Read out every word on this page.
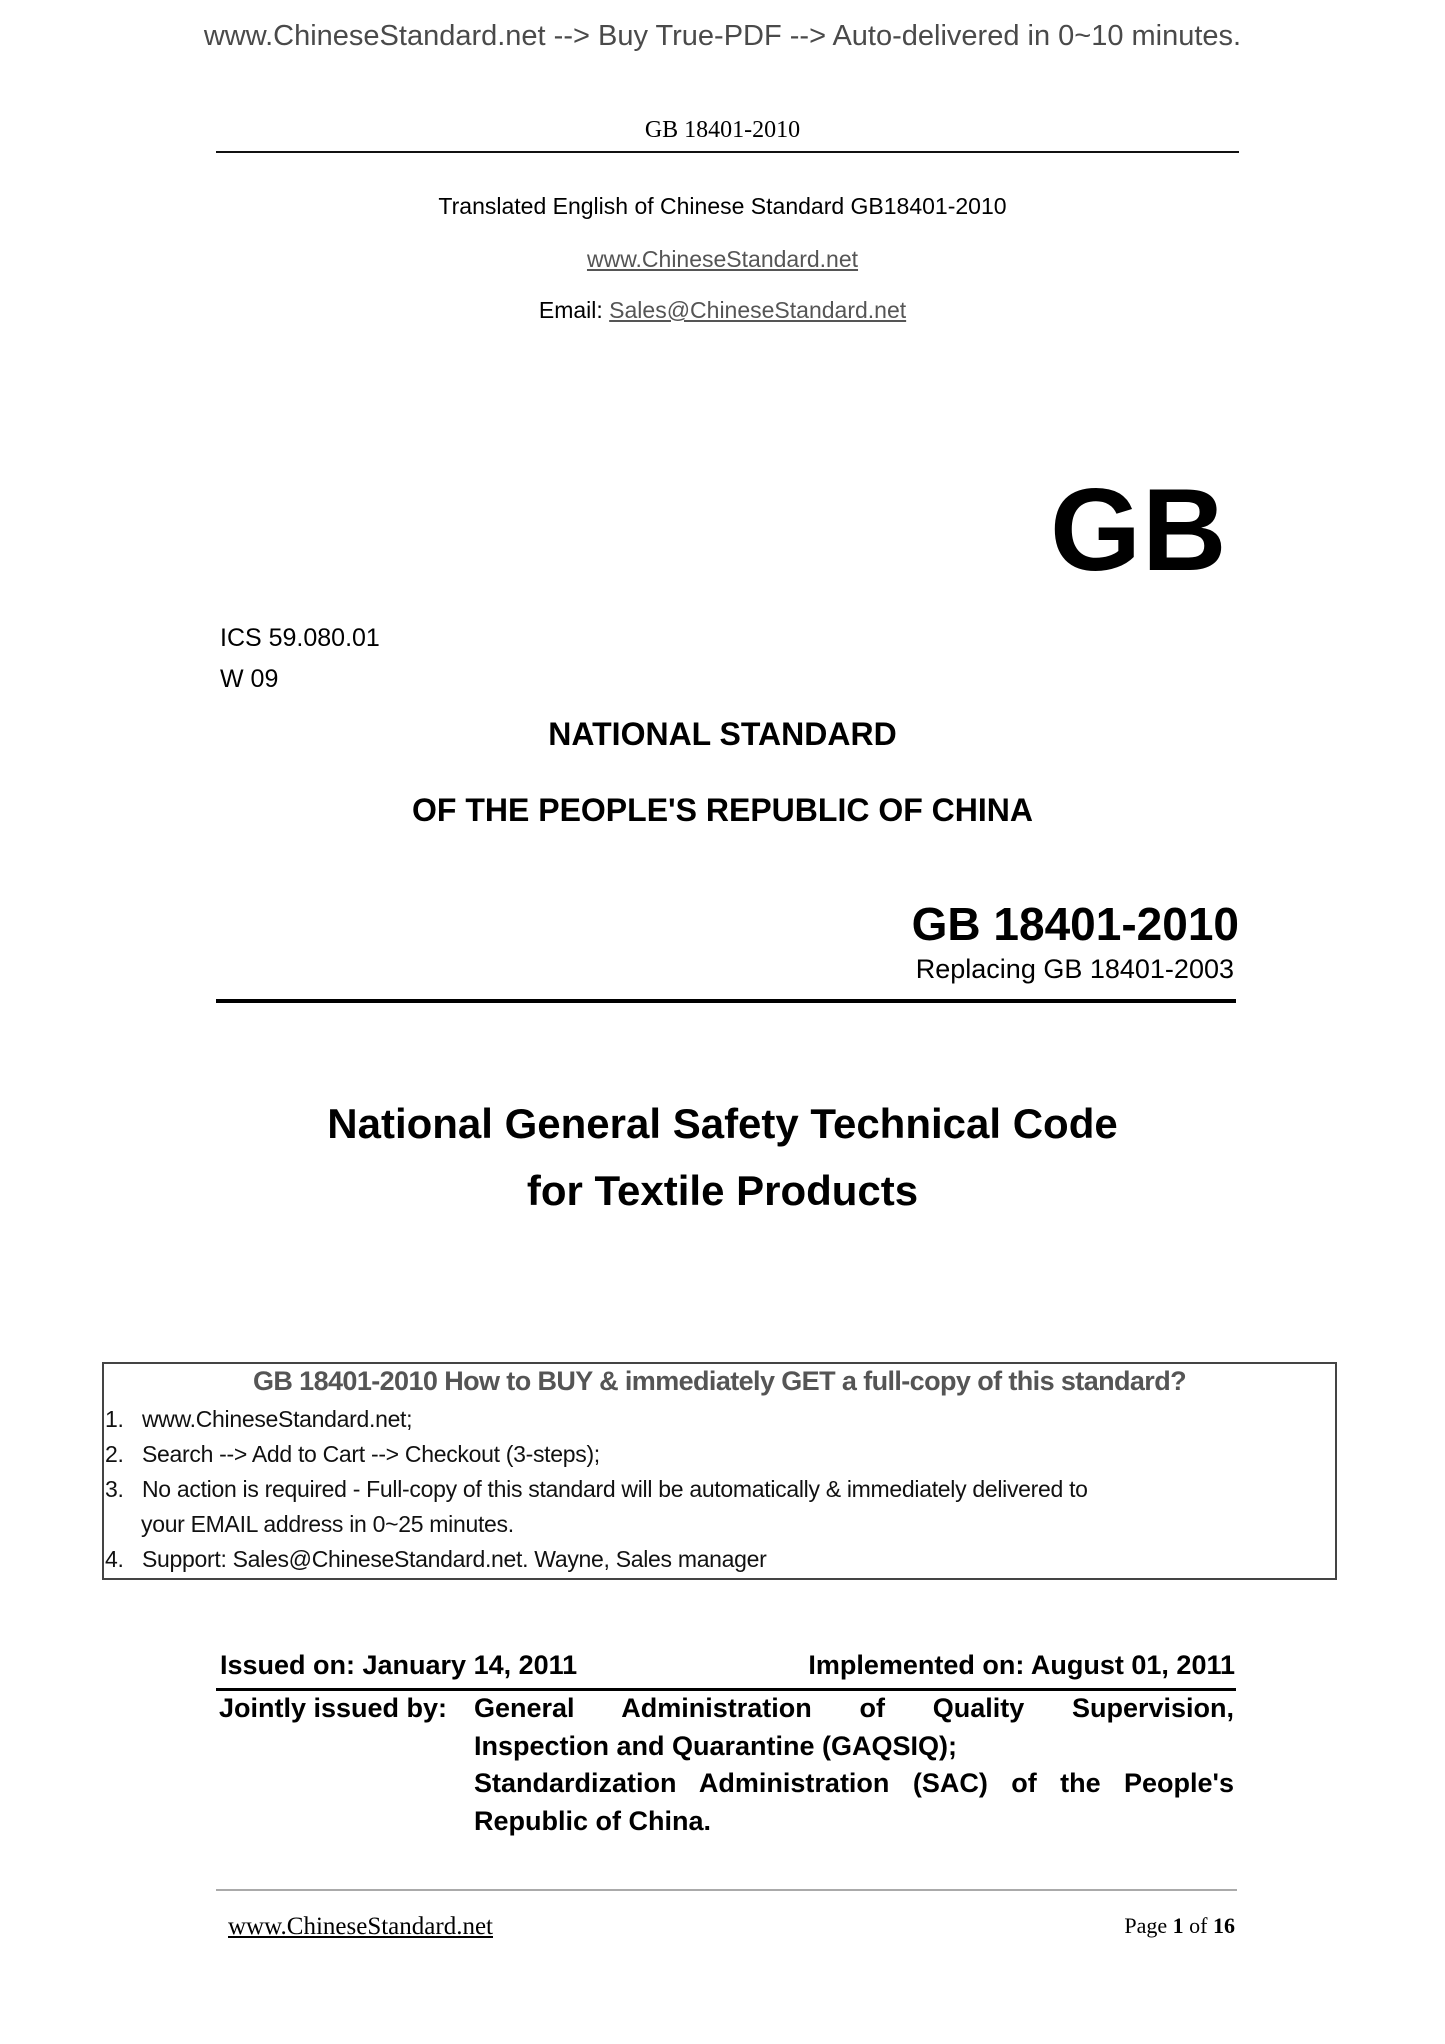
www.ChineseStandard.net --> Buy True-PDF --> Auto-delivered in 0~10 minutes.
GB 18401-2010
Translated English of Chinese Standard GB18401-2010
www.ChineseStandard.net
Email: Sales@ChineseStandard.net
GB
ICS 59.080.01
W 09
NATIONAL STANDARD
OF THE PEOPLE'S REPUBLIC OF CHINA
GB 18401-2010
Replacing GB 18401-2003
National General Safety Technical Code
for Textile Products
GB 18401-2010 How to BUY & immediately GET a full-copy of this standard?
1. www.ChineseStandard.net;
2. Search --> Add to Cart --> Checkout (3-steps);
3. No action is required - Full-copy of this standard will be automatically & immediately delivered to
your EMAIL address in 0~25 minutes.
4. Support: Sales@ChineseStandard.net. Wayne, Sales manager
Issued on: January 14, 2011	Implemented on: August 01, 2011
Jointly issued by: General Administration of Quality Supervision,
Inspection and Quarantine (GAQSIQ);
Standardization Administration (SAC) of the People's
Republic of China.
www.ChineseStandard.net	Page 1 of 16
